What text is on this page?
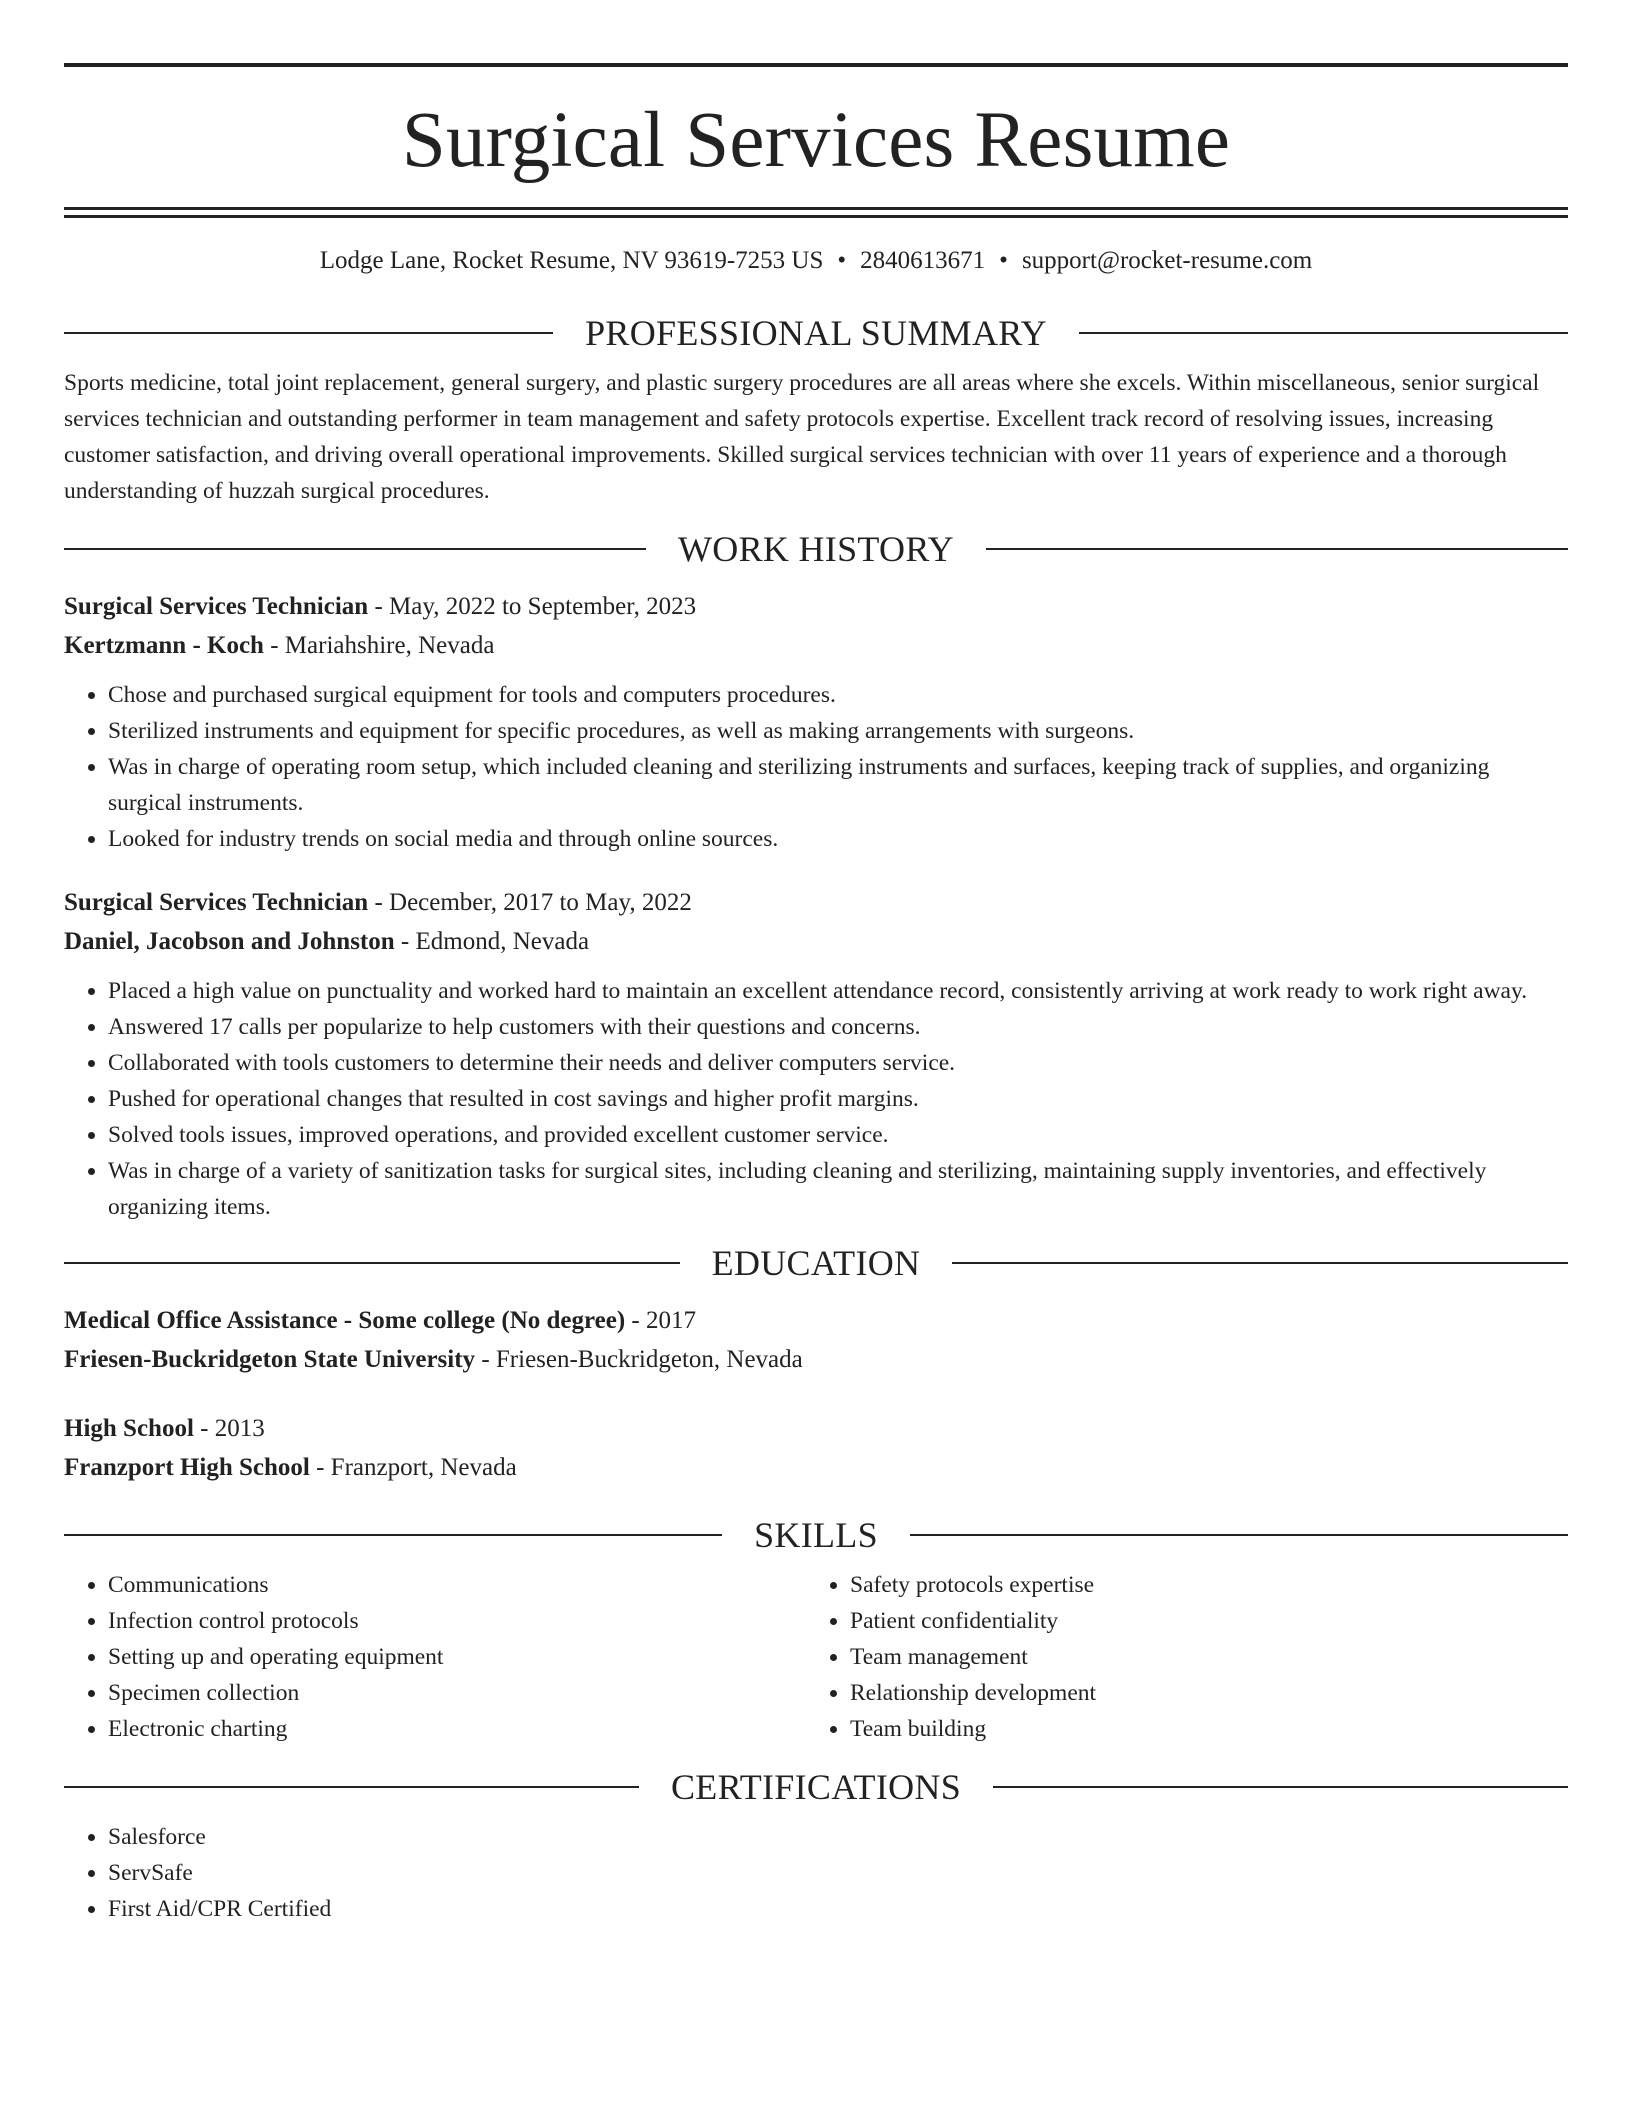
Surgical Services Resume
Lodge Lane, Rocket Resume, NV 93619-7253 US • 2840613671 • support@rocket-resume.com
PROFESSIONAL SUMMARY
Sports medicine, total joint replacement, general surgery, and plastic surgery procedures are all areas where she excels. Within miscellaneous, senior surgical services technician and outstanding performer in team management and safety protocols expertise. Excellent track record of resolving issues, increasing customer satisfaction, and driving overall operational improvements. Skilled surgical services technician with over 11 years of experience and a thorough understanding of huzzah surgical procedures.
WORK HISTORY
Surgical Services Technician - May, 2022 to September, 2023
Kertzmann - Koch - Mariahshire, Nevada
• Chose and purchased surgical equipment for tools and computers procedures.
• Sterilized instruments and equipment for specific procedures, as well as making arrangements with surgeons.
• Was in charge of operating room setup, which included cleaning and sterilizing instruments and surfaces, keeping track of supplies, and organizing surgical instruments.
• Looked for industry trends on social media and through online sources.
Surgical Services Technician - December, 2017 to May, 2022
Daniel, Jacobson and Johnston - Edmond, Nevada
• Placed a high value on punctuality and worked hard to maintain an excellent attendance record, consistently arriving at work ready to work right away.
• Answered 17 calls per popularize to help customers with their questions and concerns.
• Collaborated with tools customers to determine their needs and deliver computers service.
• Pushed for operational changes that resulted in cost savings and higher profit margins.
• Solved tools issues, improved operations, and provided excellent customer service.
• Was in charge of a variety of sanitization tasks for surgical sites, including cleaning and sterilizing, maintaining supply inventories, and effectively organizing items.
EDUCATION
Medical Office Assistance - Some college (No degree) - 2017
Friesen-Buckridgeton State University - Friesen-Buckridgeton, Nevada
High School - 2013
Franzport High School - Franzport, Nevada
SKILLS
• Communications
• Infection control protocols
• Setting up and operating equipment
• Specimen collection
• Electronic charting
• Safety protocols expertise
• Patient confidentiality
• Team management
• Relationship development
• Team building
CERTIFICATIONS
• Salesforce
• ServSafe
• First Aid/CPR Certified
